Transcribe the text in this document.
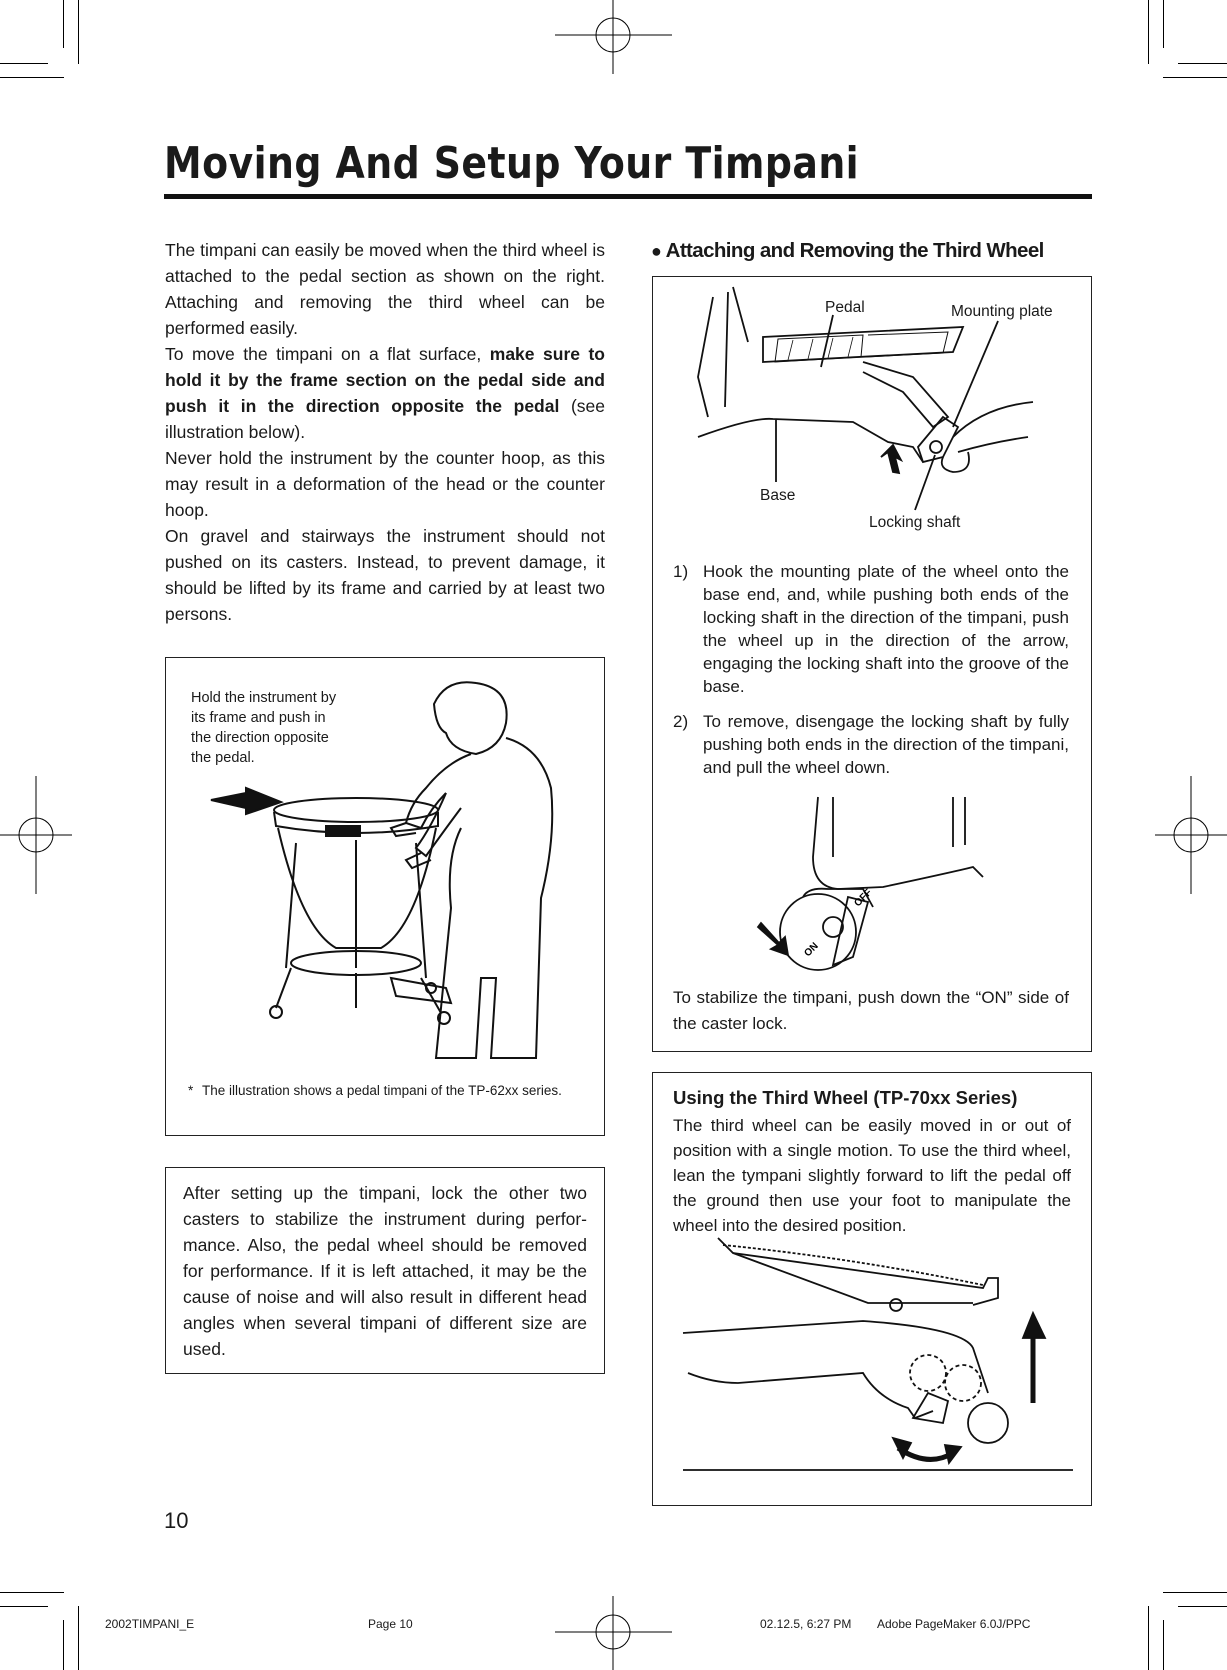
Moving And Setup Your Timpani
The timpani can easily be moved when the third wheel is attached to the pedal section as shown on the right. Attaching and removing the third wheel can be performed easily.
To move the timpani on a flat surface, make sure to hold it by the frame section on the pedal side and push it in the direction opposite the pedal (see illustration below).
Never hold the instrument by the counter hoop, as this may result in a deformation of the head or the counter hoop.
On gravel and stairways the instrument should not pushed on its casters. Instead, to prevent damage, it should be lifted by its frame and carried by at least two persons.
Hold the instrument by
its frame and push in
the direction opposite
the pedal.
* The illustration shows a pedal timpani of the TP-62xx series.
After setting up the timpani, lock the other two casters to stabilize the instrument during perfor-mance. Also, the pedal wheel should be removed for performance. If it is left attached, it may be the cause of noise and will also result in different head angles when several timpani of different size are used.
10
● Attaching and Removing the Third Wheel
Pedal	Mounting plate
Base
Locking shaft
1) Hook the mounting plate of the wheel onto the base end, and, while pushing both ends of the locking shaft in the direction of the timpani, push the wheel up in the direction of the arrow, engaging the locking shaft into the groove of the base.
2) To remove, disengage the locking shaft by fully pushing both ends in the direction of the timpani, and pull the wheel down.
ON
OFF
To stabilize the timpani, push down the “ON” side of the caster lock.
Using the Third Wheel (TP-70xx Series)
The third wheel can be easily moved in or out of position with a single motion. To use the third wheel, lean the tympani slightly forward to lift the pedal off the ground then use your foot to manipulate the wheel into the desired position.
2002TIMPANI_E	Page 10	02.12.5, 6:27 PM Adobe PageMaker 6.0J/PPC
